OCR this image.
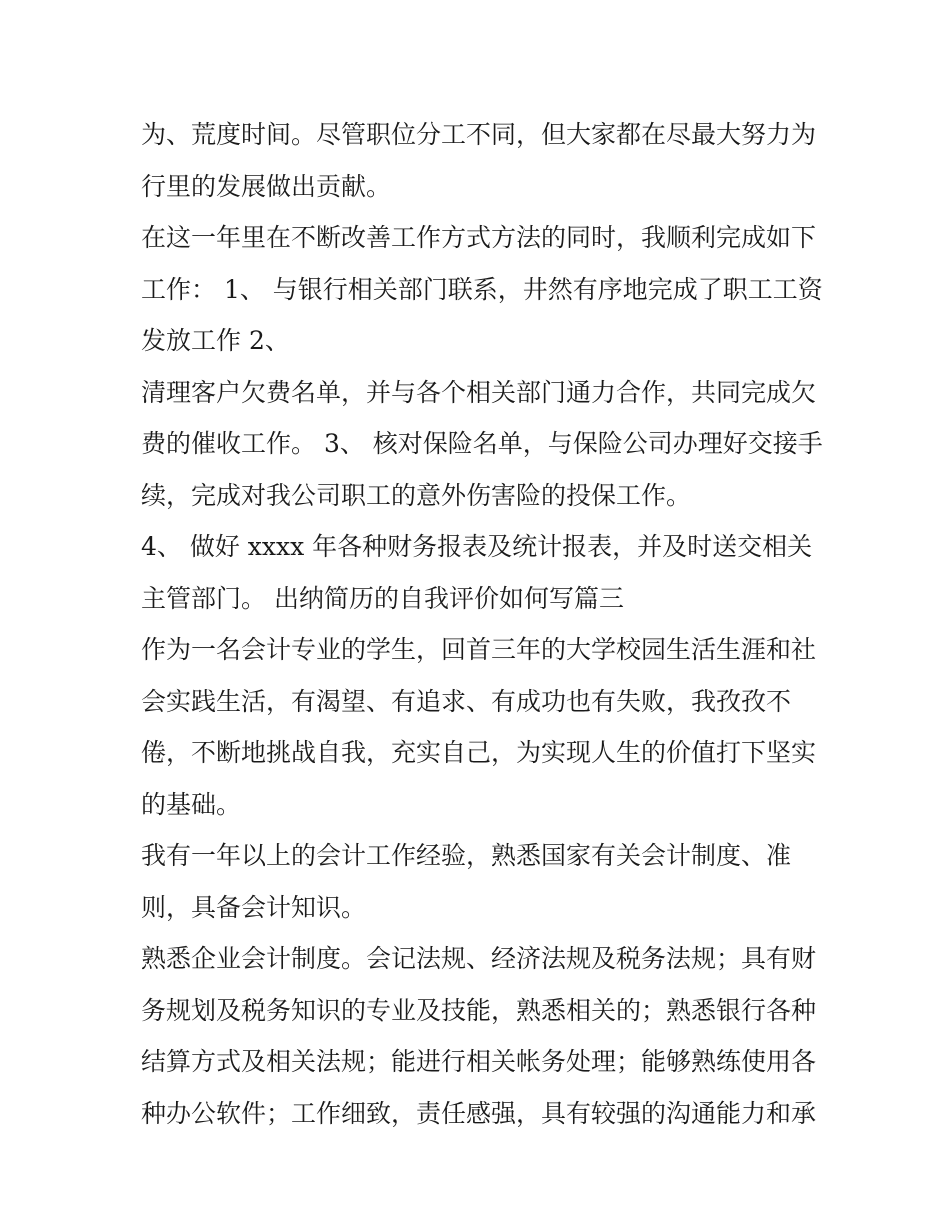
为、荒度时间。尽管职位分工不同，但大家都在尽最大努力为
行里的发展做出贡献。
在这一年里在不断改善工作方式方法的同时，我顺利完成如下
工作： 1、 与银行相关部门联系，井然有序地完成了职工工资
发放工作 2、
清理客户欠费名单，并与各个相关部门通力合作，共同完成欠
费的催收工作。 3、 核对保险名单，与保险公司办理好交接手
续，完成对我公司职工的意外伤害险的投保工作。
4、 做好 xxxx 年各种财务报表及统计报表，并及时送交相关
主管部门。 出纳简历的自我评价如何写篇三
作为一名会计专业的学生，回首三年的大学校园生活生涯和社
会实践生活，有渴望、有追求、有成功也有失败，我孜孜不
倦，不断地挑战自我，充实自己，为实现人生的价值打下坚实
的基础。
我有一年以上的会计工作经验，熟悉国家有关会计制度、准
则，具备会计知识。
熟悉企业会计制度。会记法规、经济法规及税务法规；具有财
务规划及税务知识的专业及技能，熟悉相关的；熟悉银行各种
结算方式及相关法规；能进行相关帐务处理；能够熟练使用各
种办公软件；工作细致，责任感强，具有较强的沟通能力和承
